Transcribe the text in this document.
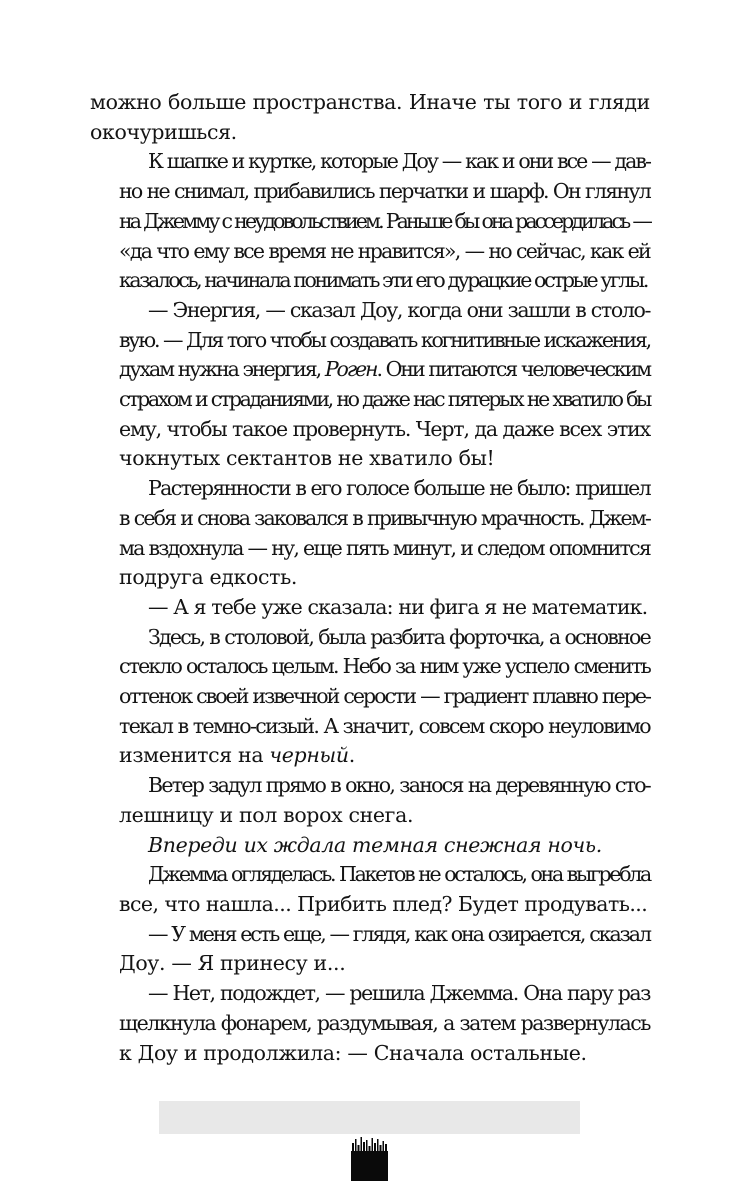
можно больше пространства. Иначе ты того и гляди
окочуришься.

К шапке и куртке, которые Доу — как и они все — дав-
но не снимал, прибавились перчатки и шарф. Он глянул
на Джемму с неудовольствием. Раньше бы она рассердилась —
«да что ему все время не нравится», — но сейчас, как ей
казалось, начинала понимать эти его дурацкие острые углы.

— Энергия, — сказал Доу, когда они зашли в столо-
вую. — Для того чтобы создавать когнитивные искажения,
духам нужна энергия, Роген. Они питаются человеческим
страхом и страданиями, но даже нас пятерых не хватило бы
ему, чтобы такое провернуть. Черт, да даже всех этих
чокнутых сектантов не хватило бы!

Растерянности в его голосе больше не было: пришел
в себя и снова заковался в привычную мрачность. Джем-
ма вздохнула — ну, еще пять минут, и следом опомнится
подруга едкость.

— А я тебе уже сказала: ни фига я не математик.

Здесь, в столовой, была разбита форточка, а основное
стекло осталось целым. Небо за ним уже успело сменить
оттенок своей извечной серости — градиент плавно пере-
текал в темно-сизый. А значит, совсем скоро неуловимо
изменится на черный.

Ветер задул прямо в окно, занося на деревянную сто-
лешницу и пол ворох снега.

Впереди их ждала темная снежная ночь.

Джемма огляделась. Пакетов не осталось, она выгребла
все, что нашла... Прибить плед? Будет продувать...

— У меня есть еще, — глядя, как она озирается, сказал
Доу. — Я принесу и...

— Нет, подождет, — решила Джемма. Она пару раз
щелкнула фонарем, раздумывая, а затем развернулась
к Доу и продолжила: — Сначала остальные.
